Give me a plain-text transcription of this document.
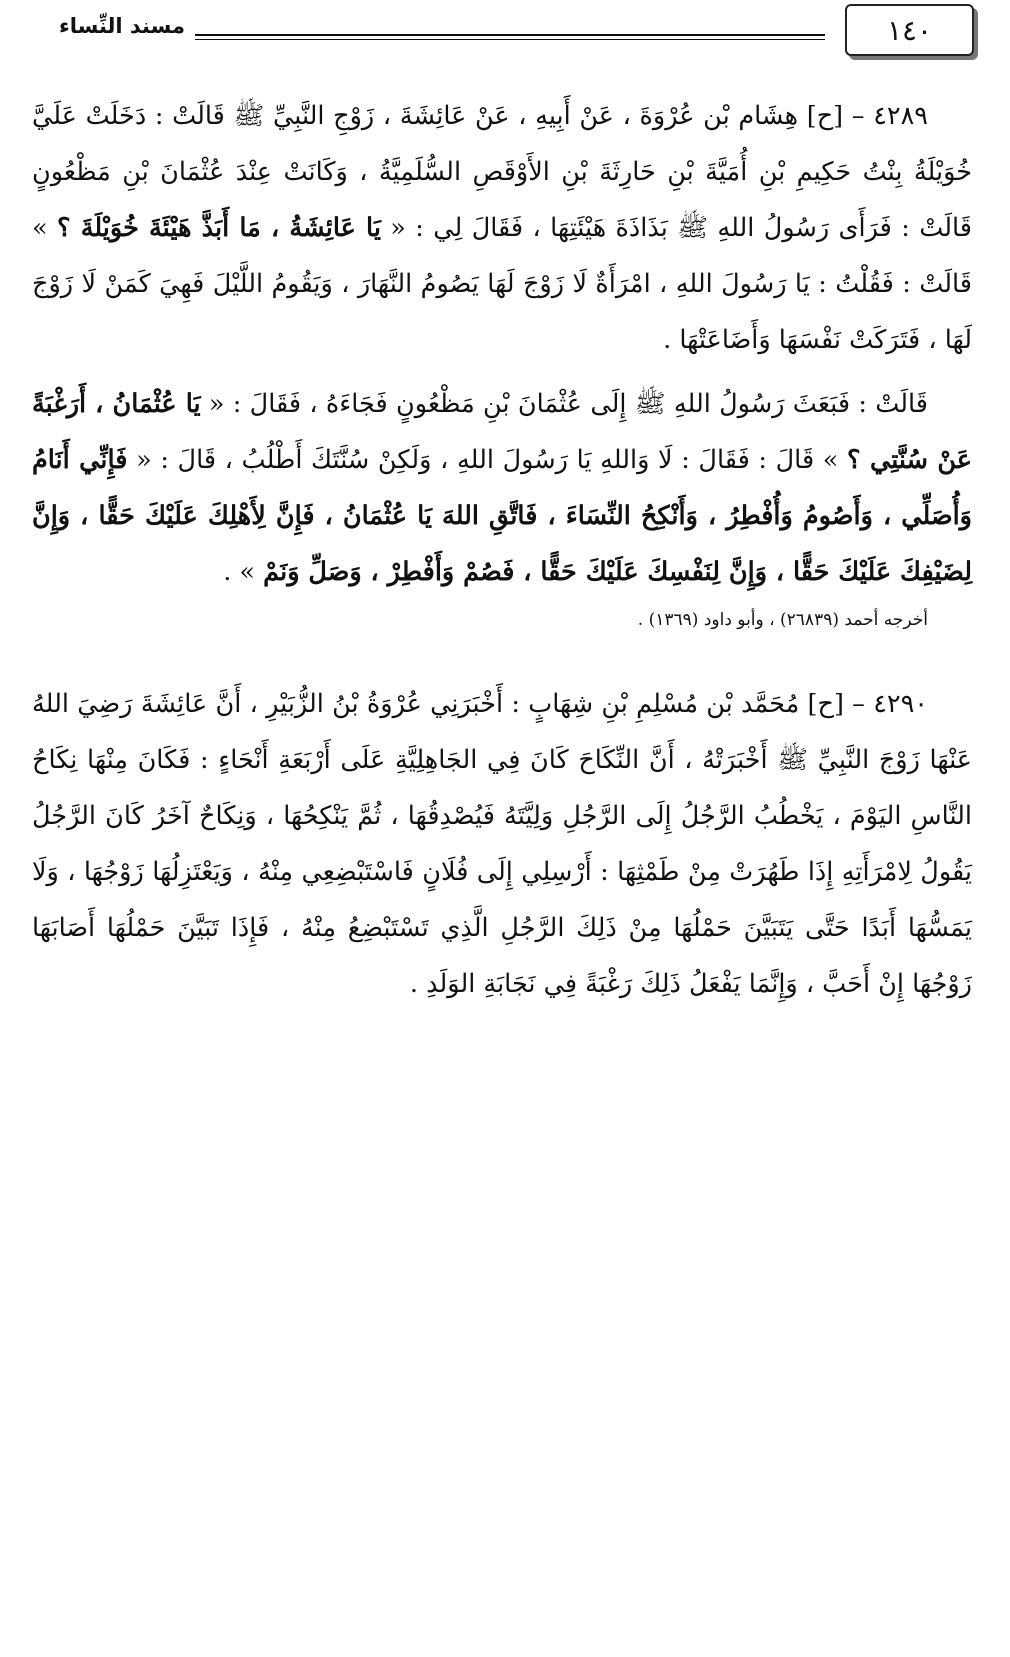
١٤٠
مسند النِّساء

٤٢٨٩ – [ح] هِشَام بْن عُرْوَةَ ، عَنْ أَبِيهِ ، عَنْ عَائِشَةَ ، زَوْجِ النَّبِيِّ ﷺ قَالَتْ : دَخَلَتْ عَلَيَّ خُوَيْلَةُ بِنْتُ حَكِيمِ بْنِ أُمَيَّةَ بْنِ حَارِثَةَ بْنِ الأَوْقَصِ السُّلَمِيَّةُ ، وَكَانَتْ عِنْدَ عُثْمَانَ بْنِ مَظْعُونٍ قَالَتْ : فَرَأَى رَسُولُ اللهِ ﷺ بَذَاذَةَ هَيْئَتِهَا ، فَقَالَ لِي : « يَا عَائِشَةُ ، مَا أَبَذَّ هَيْئَةَ خُوَيْلَةَ ؟ » قَالَتْ : فَقُلْتُ : يَا رَسُولَ اللهِ ، امْرَأَةٌ لَا زَوْجَ لَهَا يَصُومُ النَّهَارَ ، وَيَقُومُ اللَّيْلَ فَهِيَ كَمَنْ لَا زَوْجَ لَهَا ، فَتَرَكَتْ نَفْسَهَا وَأَضَاعَتْهَا .

قَالَتْ : فَبَعَثَ رَسُولُ اللهِ ﷺ إِلَى عُثْمَانَ بْنِ مَظْعُونٍ فَجَاءَهُ ، فَقَالَ : « يَا عُثْمَانُ ، أَرَغْبَةً عَنْ سُنَّتِي ؟ » قَالَ : فَقَالَ : لَا وَاللهِ يَا رَسُولَ اللهِ ، وَلَكِنْ سُنَّتَكَ أَطْلُبُ ، قَالَ : « فَإِنِّي أَنَامُ وَأُصَلِّي ، وَأَصُومُ وَأُفْطِرُ ، وَأَنْكِحُ النِّسَاءَ ، فَاتَّقِ اللهَ يَا عُثْمَانُ ، فَإِنَّ لِأَهْلِكَ عَلَيْكَ حَقًّا ، وَإِنَّ لِضَيْفِكَ عَلَيْكَ حَقًّا ، وَإِنَّ لِنَفْسِكَ عَلَيْكَ حَقًّا ، فَصُمْ وَأَفْطِرْ ، وَصَلِّ وَنَمْ » .

أخرجه أحمد (٢٦٨٣٩) ، وأبو داود (١٣٦٩) .

٤٢٩٠ – [ح] مُحَمَّد بْن مُسْلِمِ بْنِ شِهَابٍ : أَخْبَرَنِي عُرْوَةُ بْنُ الزُّبَيْرِ ، أَنَّ عَائِشَةَ رَضِيَ اللهُ عَنْهَا زَوْجَ النَّبِيِّ ﷺ أَخْبَرَتْهُ ، أَنَّ النِّكَاحَ كَانَ فِي الجَاهِلِيَّةِ عَلَى أَرْبَعَةِ أَنْحَاءٍ : فَكَانَ مِنْهَا نِكَاحُ النَّاسِ اليَوْمَ ، يَخْطُبُ الرَّجُلُ إِلَى الرَّجُلِ وَلِيَّتَهُ فَيُصْدِقُهَا ، ثُمَّ يَنْكِحُهَا ، وَنِكَاحٌ آخَرُ كَانَ الرَّجُلُ يَقُولُ لِامْرَأَتِهِ إِذَا طَهُرَتْ مِنْ طَمْثِهَا : أَرْسِلِي إِلَى فُلَانٍ فَاسْتَبْضِعِي مِنْهُ ، وَيَعْتَزِلُهَا زَوْجُهَا ، وَلَا يَمَسُّهَا أَبَدًا حَتَّى يَتَبَيَّنَ حَمْلُهَا مِنْ ذَلِكَ الرَّجُلِ الَّذِي تَسْتَبْضِعُ مِنْهُ ، فَإِذَا تَبَيَّنَ حَمْلُهَا أَصَابَهَا زَوْجُهَا إِنْ أَحَبَّ ، وَإِنَّمَا يَفْعَلُ ذَلِكَ رَغْبَةً فِي نَجَابَةِ الوَلَدِ .
